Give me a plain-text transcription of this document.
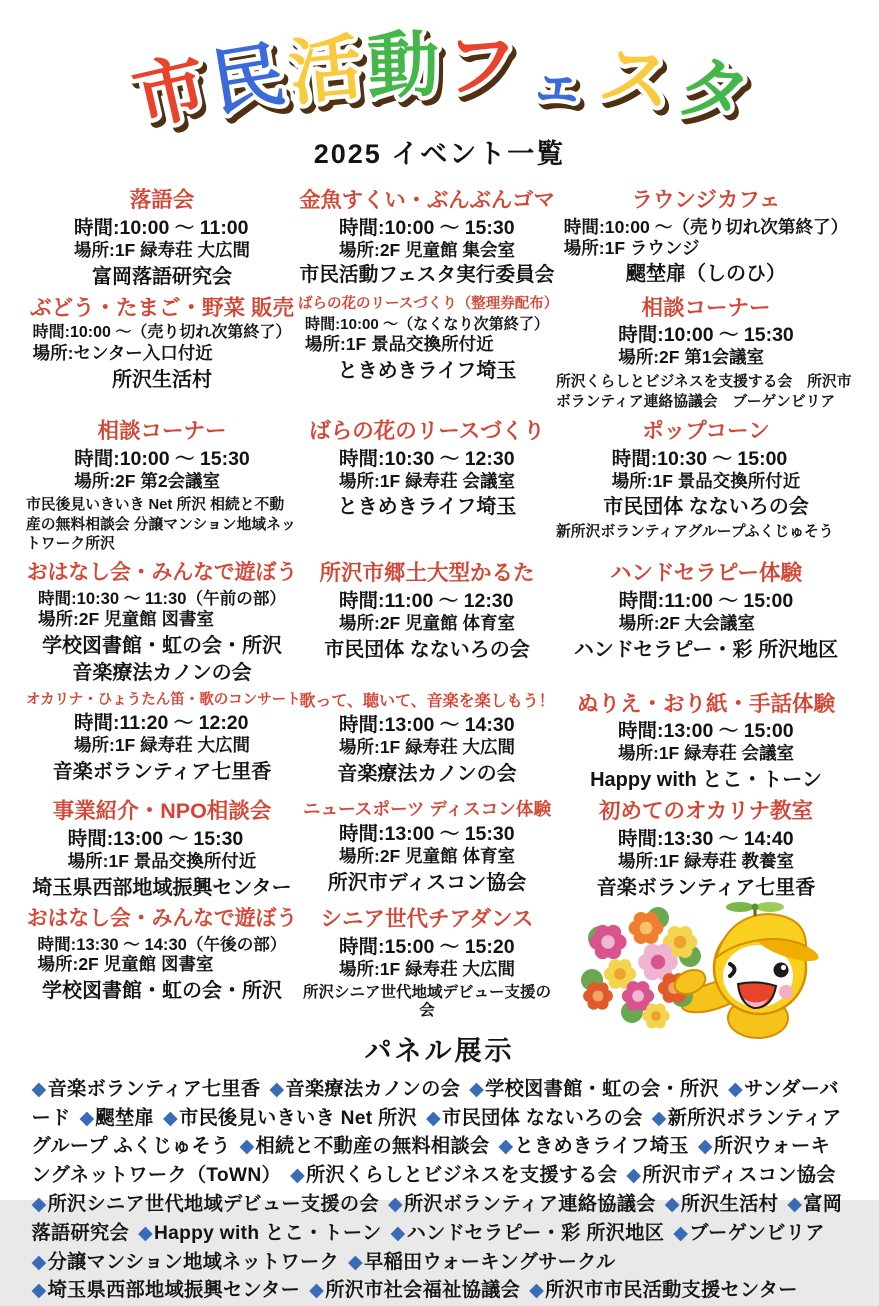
市
民
活 動 フ ェ ス
タ
2025 イベント一覧
落語会
時間:10:00 ～ 11:00
場所:1F 緑寿荘 大広間
富岡落語研究会
金魚すくい・ぶんぶんゴマ
時間:10:00 ～ 15:30
場所:2F 児童館 集会室
市民活動フェスタ実行委員会
ラウンジカフェ
時間:10:00 ～（売り切れ次第終了）
場所:1F ラウンジ
颸埜扉（しのひ）
ぶどう・たまご・野菜 販売
時間:10:00 ～（売り切れ次第終了）
場所:センター入口付近
所沢生活村
ばらの花のリースづくり（整理券配布）
時間:10:00 ～（なくなり次第終了）
場所:1F 景品交換所付近
ときめきライフ埼玉
相談コーナー
時間:10:00 ～ 15:30
場所:2F 第1会議室
所沢くらしとビジネスを支援する会　所沢市ボランティア連絡協議会　ブーゲンビリア
相談コーナー
時間:10:00 ～ 15:30
場所:2F 第2会議室
市民後見いきいき Net 所沢 相続と不動産の無料相談会 分譲マンション地域ネットワーク所沢
ばらの花のリースづくり
時間:10:30 ～ 12:30
場所:1F 緑寿荘 会議室
ときめきライフ埼玉
ポップコーン
時間:10:30 ～ 15:00
場所:1F 景品交換所付近
市民団体 なないろの会
新所沢ボランティアグループふくじゅそう
おはなし会・みんなで遊ぼう
時間:10:30 ～ 11:30（午前の部）
場所:2F 児童館 図書室
学校図書館・虹の会・所沢
音楽療法カノンの会
所沢市郷土大型かるた
時間:11:00 ～ 12:30
場所:2F 児童館 体育室
市民団体 なないろの会
ハンドセラピー体験
時間:11:00 ～ 15:00
場所:2F 大会議室
ハンドセラピー・彩 所沢地区
オカリナ・ひょうたん笛・歌のコンサート
時間:11:20 ～ 12:20
場所:1F 緑寿荘 大広間
音楽ボランティア七里香
歌って、聴いて、音楽を楽しもう！
時間:13:00 ～ 14:30
場所:1F 緑寿荘 大広間
音楽療法カノンの会
ぬりえ・おり紙・手話体験
時間:13:00 ～ 15:00
場所:1F 緑寿荘 会議室
Happy with とこ・トーン
事業紹介・NPO相談会
時間:13:00 ～ 15:30
場所:1F 景品交換所付近
埼玉県西部地域振興センター
ニュースポーツ ディスコン体験
時間:13:00 ～ 15:30
場所:2F 児童館 体育室
所沢市ディスコン協会
初めてのオカリナ教室
時間:13:30 ～ 14:40
場所:1F 緑寿荘 教養室
音楽ボランティア七里香
おはなし会・みんなで遊ぼう
時間:13:30 ～ 14:30（午後の部）
場所:2F 児童館 図書室
学校図書館・虹の会・所沢
シニア世代チアダンス
時間:15:00 ～ 15:20
場所:1F 緑寿荘 大広間
所沢シニア世代地域デビュー支援の会
パネル展示
◆音楽ボランティア七里香 ◆音楽療法カノンの会 ◆学校図書館・虹の会・所沢 ◆サンダーバード ◆颸埜扉 ◆市民後見いきいき Net 所沢 ◆市民団体 なないろの会 ◆新所沢ボランティアグループ ふくじゅそう ◆相続と不動産の無料相談会 ◆ときめきライフ埼玉 ◆所沢ウォーキングネットワーク（ToWN） ◆所沢くらしとビジネスを支援する会 ◆所沢市ディスコン協会◆所沢シニア世代地域デビュー支援の会 ◆所沢ボランティア連絡協議会 ◆所沢生活村 ◆富岡落語研究会 ◆Happy with とこ・トーン ◆ハンドセラピー・彩 所沢地区 ◆ブーゲンビリア◆分譲マンション地域ネットワーク ◆早稲田ウォーキングサークル
◆埼玉県西部地域振興センター ◆所沢市社会福祉協議会 ◆所沢市市民活動支援センター
